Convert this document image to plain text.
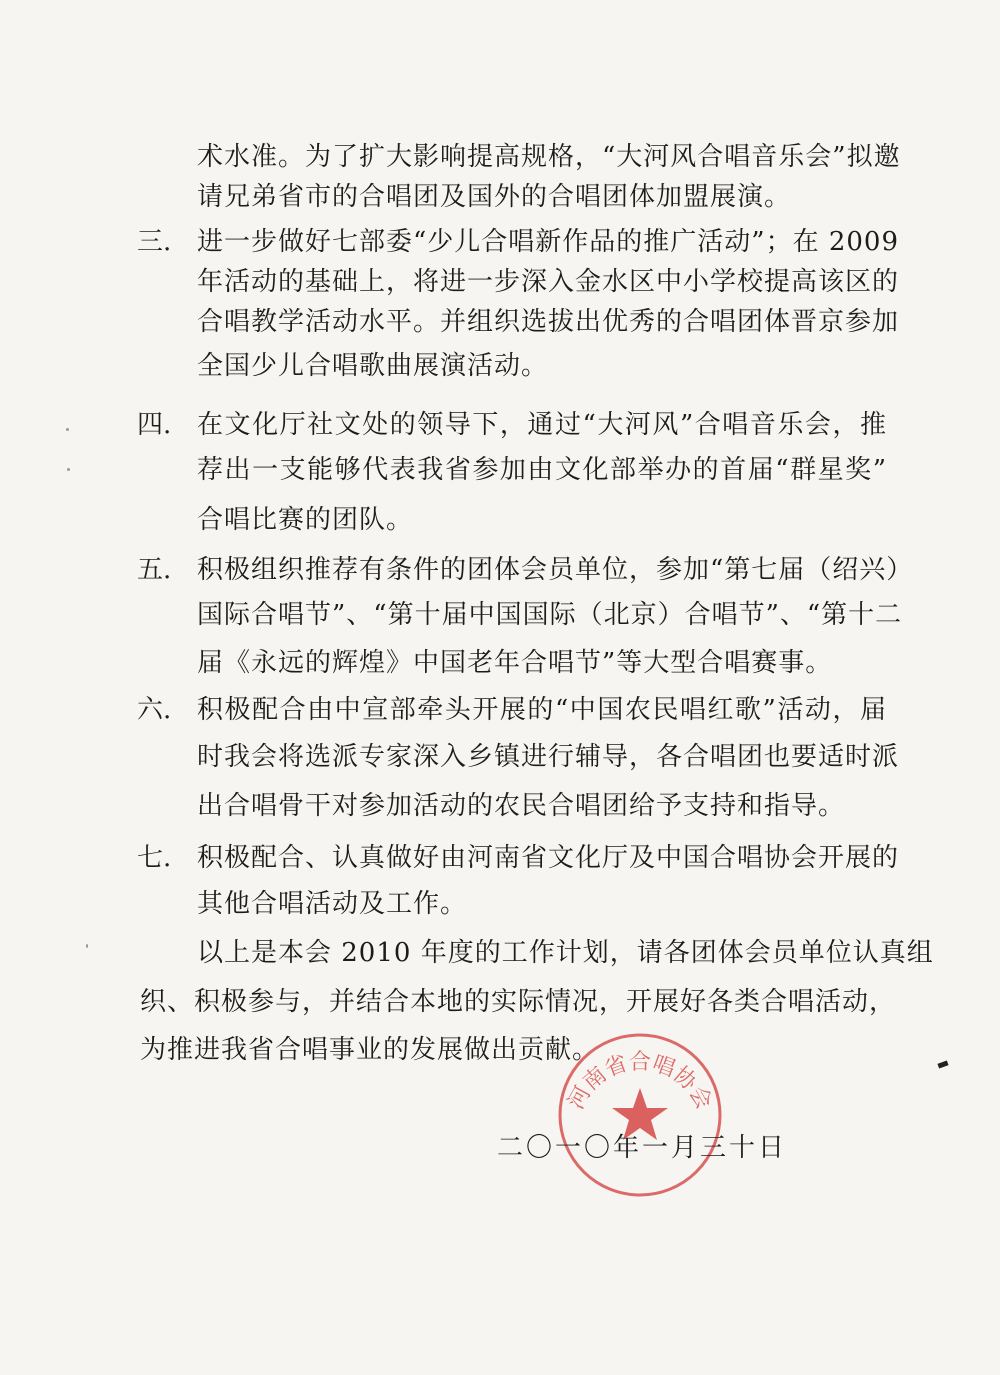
术水准。为了扩大影响提高规格，“大河风合唱音乐会”拟邀
请兄弟省市的合唱团及国外的合唱团体加盟展演。
三. 进一步做好七部委“少儿合唱新作品的推广活动”；在 2009
年活动的基础上，将进一步深入金水区中小学校提高该区的
合唱教学活动水平。并组织选拔出优秀的合唱团体晋京参加
全国少儿合唱歌曲展演活动。
四. 在文化厅社文处的领导下，通过“大河风”合唱音乐会，推
荐出一支能够代表我省参加由文化部举办的首届“群星奖”
合唱比赛的团队。
五. 积极组织推荐有条件的团体会员单位，参加“第七届（绍兴）
国际合唱节”、“第十届中国国际（北京）合唱节”、“第十二
届《永远的辉煌》中国老年合唱节”等大型合唱赛事。
六. 积极配合由中宣部牵头开展的“中国农民唱红歌”活动，届
时我会将选派专家深入乡镇进行辅导，各合唱团也要适时派
出合唱骨干对参加活动的农民合唱团给予支持和指导。
七. 积极配合、认真做好由河南省文化厅及中国合唱协会开展的
其他合唱活动及工作。
以上是本会 2010 年度的工作计划，请各团体会员单位认真组
织、积极参与，并结合本地的实际情况，开展好各类合唱活动，
为推进我省合唱事业的发展做出贡献。
河南省合唱协会
二〇一〇年一月三十日
